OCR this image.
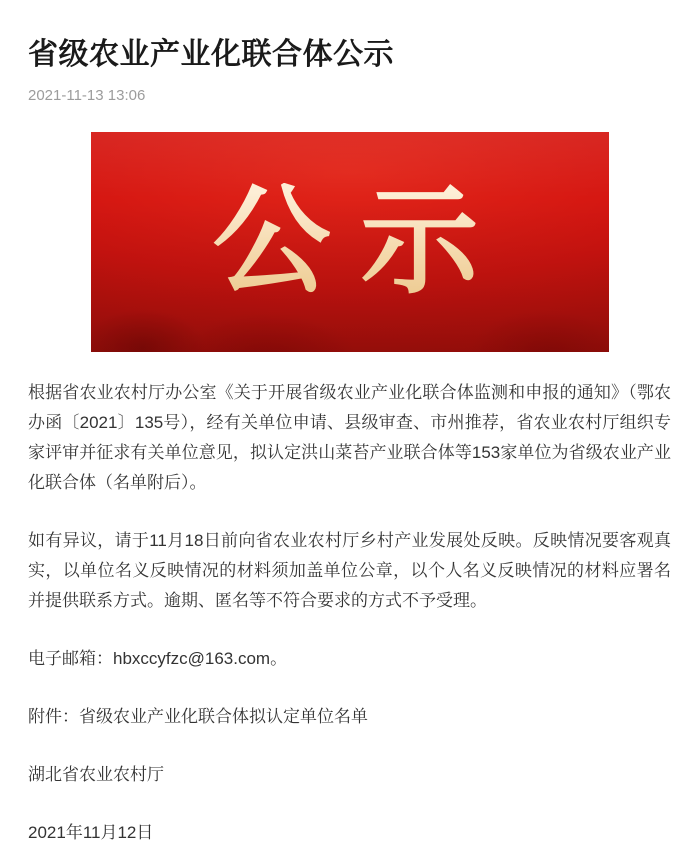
省级农业产业化联合体公示
2021-11-13 13:06
公示

根据省农业农村厅办公室《关于开展省级农业产业化联合体监测和申报的通知》（鄂农办函〔2021〕135号），经有关单位申请、县级审查、市州推荐，省农业农村厅组织专家评审并征求有关单位意见，拟认定洪山菜苔产业联合体等153家单位为省级农业产业化联合体（名单附后）。

如有异议，请于11月18日前向省农业农村厅乡村产业发展处反映。反映情况要客观真实，以单位名义反映情况的材料须加盖单位公章，以个人名义反映情况的材料应署名并提供联系方式。逾期、匿名等不符合要求的方式不予受理。

电子邮箱：hbxccyfzc@163.com。

附件：省级农业产业化联合体拟认定单位名单

湖北省农业农村厅

2021年11月12日
